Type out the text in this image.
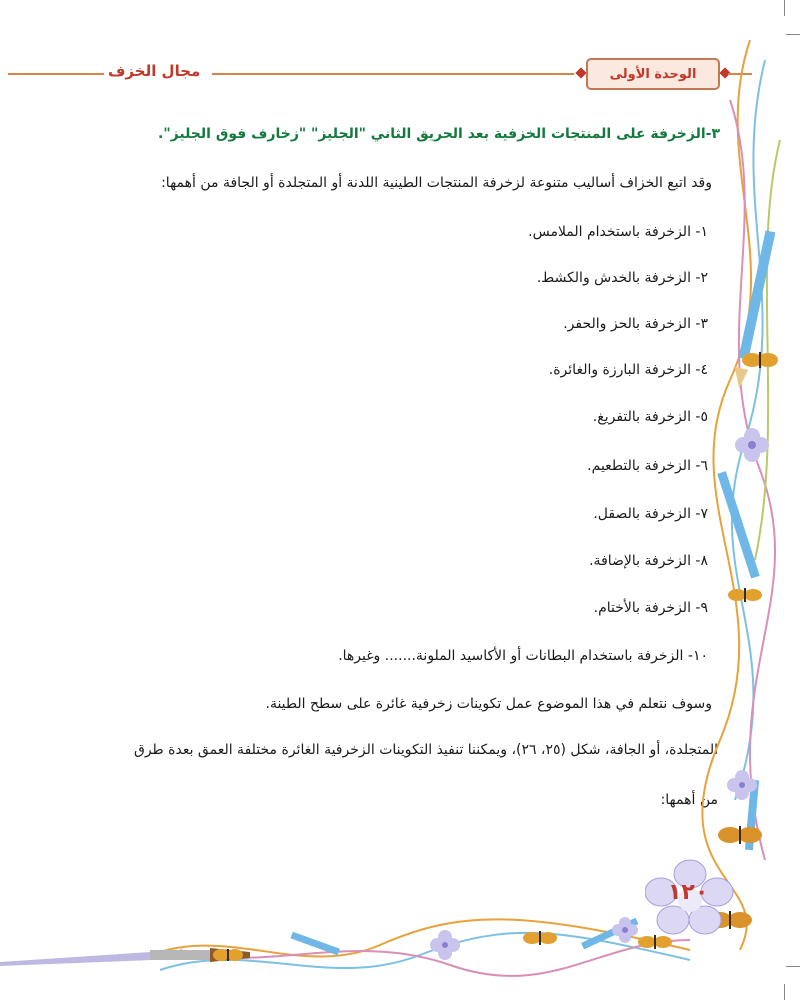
مجال الخزف	الوحدة الأولى
٣-الزخرفة على المنتجات الخزفية بعد الحريق الثاني "الجليز" "زخارف فوق الجليز".
وقد اتبع الخزاف أساليب متنوعة لزخرفة المنتجات الطينية اللدنة أو المتجلدة أو الجافة من أهمها:
١- الزخرفة باستخدام الملامس.
٢- الزخرفة بالخدش والكشط.
٣- الزخرفة بالحز والحفر.
٤- الزخرفة البارزة والغائرة.
٥- الزخرفة بالتفريغ.
٦- الزخرفة بالتطعيم.
٧- الزخرفة بالصقل.
٨- الزخرفة بالإضافة.
٩- الزخرفة بالأختام.
١٠- الزخرفة باستخدام البطانات أو الأكاسيد الملونة....... وغيرها.
وسوف نتعلم في هذا الموضوع عمل تكوينات زخرفية غائرة على سطح الطينة.
المتجلدة، أو الجافة، شكل (٢٥، ٢٦)، ويمكننا تنفيذ التكوينات الزخرفية الغائرة مختلفة العمق بعدة طرق
من أهمها:
١٢٠
